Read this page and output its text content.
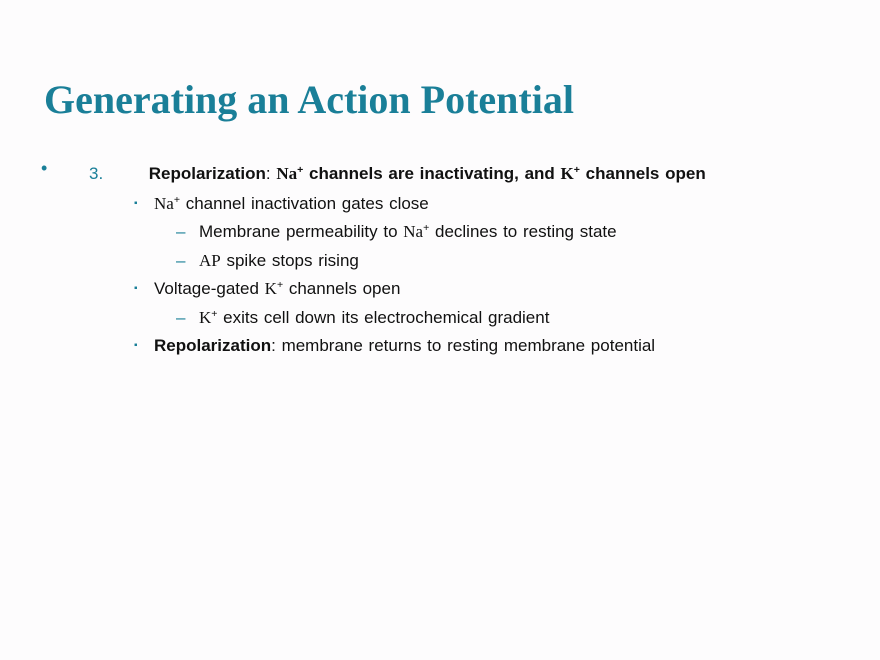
Generating an Action Potential
• 3.	Repolarization: Na+ channels are inactivating, and K+ channels open
▪ Na+ channel inactivation gates close
– Membrane permeability to Na+ declines to resting state
– AP spike stops rising
▪ Voltage-gated K+ channels open
– K+ exits cell down its electrochemical gradient
▪ Repolarization: membrane returns to resting membrane potential
